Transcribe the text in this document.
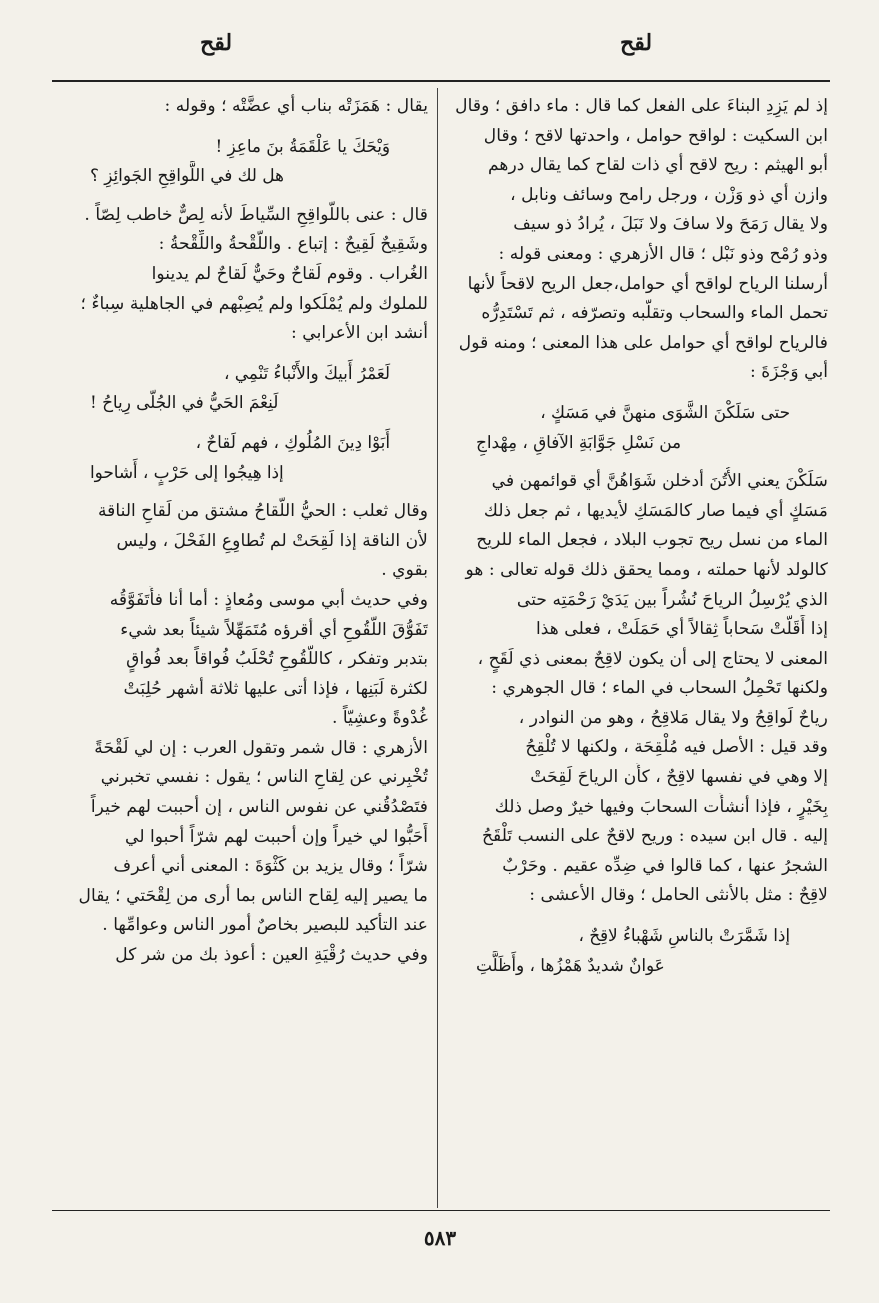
لقح	لقح
إذ لم يَزِدِ البناءَ على الفعل كما قال : ماء دافق ؛ وقال
ابن السكيت : لواقح حوامل ، واحدتها لاقح ؛ وقال
أبو الهيثم : ريح لاقح أي ذات لقاح كما يقال درهم
وازن أي ذو وَزْن ، ورجل رامح وسائف ونابل ،
ولا يقال رَمَحَ ولا سافَ ولا نَبَلَ ، يُرادُ ذو سيف
وذو رُمْح وذو نَبْل ؛ قال الأزهري : ومعنى قوله :
أرسلنا الرياح لواقح أي حوامل،جعل الريح لاقحاً لأنها
تحمل الماء والسحاب وتقلّبه وتصرّفه ، ثم تَسْتَدِرُّه
فالرياح لواقح أي حوامل على هذا المعنى ؛ ومنه قول
أبي وَجْزَةَ :
حتى سَلَكْنَ الشَّوَى منهنَّ في مَسَكٍ ،
من نَسْلِ جَوَّابَةِ الآفاقِ ، مِهْداجِ
سَلَكْنَ يعني الأُتُنَ أدخلن شَوَاهُنَّ أي قوائمهن في
مَسَكٍ أي فيما صار كالمَسَكِ لأيديها ، ثم جعل ذلك
الماء من نسل ريح تجوب البلاد ، فجعل الماء للريح
كالولد لأنها حملته ، ومما يحقق ذلك قوله تعالى : هو
الذي يُرْسِلُ الرياحَ نُشُراً بين يَدَيْ رَحْمَتِه حتى
إذا أَقَلَّتْ سَحاباً ثِقالاً أي حَمَلَتْ ، فعلى هذا
المعنى لا يحتاج إلى أن يكون لاقِحٌ بمعنى ذي لَقَحٍ ،
ولكنها تَحْمِلُ السحاب في الماء ؛ قال الجوهري :
رياحٌ لَواقِحُ ولا يقال مَلاقِحُ ، وهو من النوادر ،
وقد قيل : الأصل فيه مُلْقِحَة ، ولكنها لا تُلْقِحُ
إلا وهي في نفسها لاقِحٌ ، كأَن الرياحَ لَقِحَتْ
بِخَيْرٍ ، فإذا أنشأَت السحابَ وفيها خيرٌ وصل ذلك
إليه . قال ابن سيده : وريح لاقحٌ على النسب تَلْقَحُ
الشجرُ عنها ، كما قالوا في ضِدِّه عقيم . وحَرْبٌ
لاقِحٌ : مثل بالأنثى الحامل ؛ وقال الأعشى :
إذا شَمَّرَتْ بالناسِ شَهْباءُ لاقِحٌ ،
عَوانٌ شديدٌ هَمْزُها ، وأَظَلَّتِ
يقال : هَمَزَتْه بناب أي عضَّتْه ؛ وقوله :
وَيْحَكَ يا عَلْقَمَةُ بنَ ماعِزِ !
هل لك في اللَّواقِحِ الجَوائِزِ ؟
قال : عنى باللَّواقِحِ السِّياطَ لأنه لِصٌّ خاطب لِصّاً .
وشَقِيحٌ لَقِيحٌ : إتباع . واللَّقْحةُ واللِّقْحةُ :
الغُراب . وقوم لَقاحٌ وحَيٌّ لَقاحٌ لم يدينوا
للملوك ولم يُمْلَكوا ولم يُصِبْهم في الجاهلية سِباءٌ ؛
أنشد ابن الأعرابي :
لَعَمْرُ أَبيكَ والأَنْباءُ تَنْمِي ،
لَنِعْمَ الحَيُّ في الجُلّى رِياحُ !
أَبَوْا دِينَ المُلُوكِ ، فهم لَقاحٌ ،
إذا هِيجُوا إلى حَرْبٍ ، أَشاحوا
وقال ثعلب : الحيُّ اللَّقاحُ مشتق من لَقاحِ الناقة
لأن الناقة إذا لَقِحَتْ لم تُطاوِعِ الفَحْلَ ، وليس
بقوي .
وفي حديث أبي موسى ومُعاذٍ : أما أنا فأَتَفَوَّقُه
تَفَوُّقَ اللَّقُوحِ أي أقرؤه مُتَمَهِّلاً شيئاً بعد شيء
بتدبر وتفكر ، كاللَّقُوحِ تُحْلَبُ فُواقاً بعد فُواقٍ
لكثرة لَبَنِها ، فإذا أتى عليها ثلاثة أشهر حُلِبَتْ
غُدْوةً وعشِيّاً .
الأزهري : قال شمر وتقول العرب : إن لي لَقْحَةً
تُخْبِرني عن لِقاحِ الناس ؛ يقول : نفسي تخبرني
فتَصْدُقُني عن نفوس الناس ، إن أحببت لهم خيراً
أَحَبُّوا لي خيراً وإن أحببت لهم شرّاً أحبوا لي
شرّاً ؛ وقال يزيد بن كَثْوَةَ : المعنى أني أعرف
ما يصير إليه لِقاح الناس بما أرى من لِقْحَتي ؛ يقال
عند التأكيد للبصير بخاصٌ أمور الناس وعوامِّها .
وفي حديث رُقْيَةِ العين : أعوذ بك من شر كل
٥٨٣
